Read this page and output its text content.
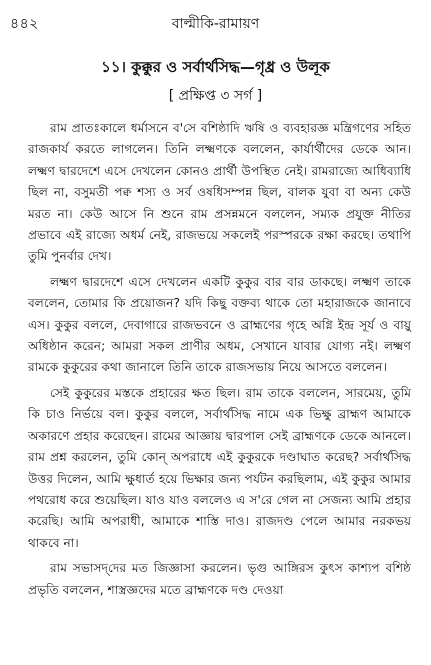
৪৪২	বাল্মীকি-রামায়ণ
১১। কুক্কুর ও সর্বার্থসিদ্ধ—গৃধ্র ও উলূক
[ প্রক্ষিপ্ত ৩ সর্গ ]

রাম প্রাতঃকালে ধর্মাসনে ব'সে বশিষ্ঠাদি ঋষি ও ব্যবহারজ্ঞ মন্ত্রিগণের সহিত রাজকার্য করতে লাগলেন। তিনি লক্ষ্মণকে বললেন, কার্যার্থীদের ডেকে আন। লক্ষ্মণ দ্বারদেশে এসে দেখলেন কোনও প্রার্থী উপস্থিত নেই। রামরাজ্যে আধিব্যাধি ছিল না, বসুমতী পক্ব শস্য ও সর্ব ওষধিসম্পন্ন ছিল, বালক যুবা বা অন্য কেউ মরত না। কেউ আসে নি শুনে রাম প্রসন্নমনে বললেন, সম্যক প্রযুক্ত নীতির প্রভাবে এই রাজ্যে অধর্ম নেই, রাজভয়ে সকলেই পরস্পরকে রক্ষা করছে। তথাপি তুমি পুনর্বার দেখ।

লক্ষ্মণ দ্বারদেশে এসে দেখলেন একটি কুকুর বার বার ডাকছে। লক্ষ্মণ তাকে বললেন, তোমার কি প্রয়োজন? যদি কিছু বক্তব্য থাকে তো মহারাজকে জানাবে এস। কুকুর বললে, দেবাগারে রাজভবনে ও ব্রাহ্মণের গৃহে অগ্নি ইন্দ্র সূর্য ও বায়ু অধিষ্ঠান করেন; আমরা সকল প্রাণীর অধম, সেখানে যাবার যোগ্য নই। লক্ষ্মণ রামকে কুকুরের কথা জানালে তিনি তাকে রাজসভায় নিয়ে আসতে বললেন।

সেই কুকুরের মস্তকে প্রহারের ক্ষত ছিল। রাম তাকে বললেন, সারমেয়, তুমি কি চাও নির্ভয়ে বল। কুকুর বললে, সর্বার্থসিদ্ধ নামে এক ভিক্ষু ব্রাহ্মণ আমাকে অকারণে প্রহার করেছেন। রামের আজ্ঞায় দ্বারপাল সেই ব্রাহ্মণকে ডেকে আনলে। রাম প্রশ্ন করলেন, তুমি কোন্ অপরাধে এই কুকুরকে দণ্ডাঘাত করেছ? সর্বার্থসিদ্ধ উত্তর দিলেন, আমি ক্ষুধার্ত হয়ে ভিক্ষার জন্য পর্যটন করছিলাম, এই কুকুর আমার পথরোধ করে শুয়েছিল। যাও যাও বললেও এ স'রে গেল না সেজন্য আমি প্রহার করেছি। আমি অপরাধী, আমাকে শাস্তি দাও। রাজদণ্ড পেলে আমার নরকভয় থাকবে না।

রাম সভাসদ্‌দের মত জিজ্ঞাসা করলেন। ভৃগু আঙ্গিরস কুৎস কাশ্যপ বশিষ্ঠ প্রভৃতি বললেন, শাস্ত্রজ্ঞদের মতে ব্রাহ্মণকে দণ্ড দেওয়া
